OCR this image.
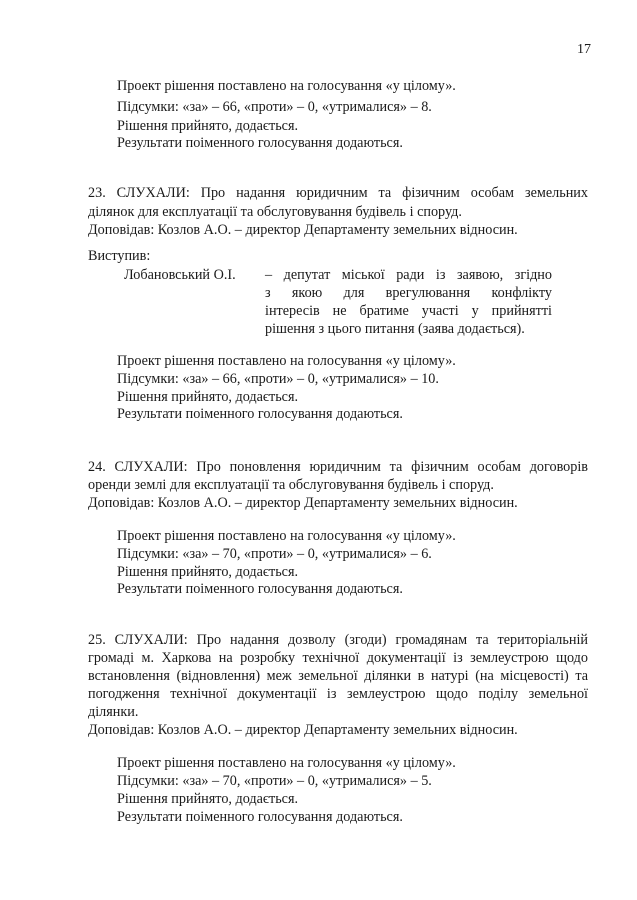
17
Проект рішення поставлено на голосування «у цілому».
Підсумки: «за» – 66, «проти» – 0, «утрималися» – 8.
Рішення прийнято, додається.
Результати поіменного голосування додаються.
23. СЛУХАЛИ: Про надання юридичним та фізичним особам земельних
ділянок для експлуатації та обслуговування будівель і споруд.
Доповідав: Козлов А.О. – директор Департаменту земельних відносин.
Виступив:
Лобановський О.І. – депутат міської ради із заявою, згідно
з якою для врегулювання конфлікту
інтересів не братиме участі у прийнятті
рішення з цього питання (заява додається).
Проект рішення поставлено на голосування «у цілому».
Підсумки: «за» – 66, «проти» – 0, «утрималися» – 10.
Рішення прийнято, додається.
Результати поіменного голосування додаються.
24. СЛУХАЛИ: Про поновлення юридичним та фізичним особам договорів
оренди землі для експлуатації та обслуговування будівель і споруд.
Доповідав: Козлов А.О. – директор Департаменту земельних відносин.
Проект рішення поставлено на голосування «у цілому».
Підсумки: «за» – 70, «проти» – 0, «утрималися» – 6.
Рішення прийнято, додається.
Результати поіменного голосування додаються.
25. СЛУХАЛИ: Про надання дозволу (згоди) громадянам та територіальній
громаді м. Харкова на розробку технічної документації із землеустрою щодо
встановлення (відновлення) меж земельної ділянки в натурі (на місцевості) та
погодження технічної документації із землеустрою щодо поділу земельної
ділянки.
Доповідав: Козлов А.О. – директор Департаменту земельних відносин.
Проект рішення поставлено на голосування «у цілому».
Підсумки: «за» – 70, «проти» – 0, «утрималися» – 5.
Рішення прийнято, додається.
Результати поіменного голосування додаються.
